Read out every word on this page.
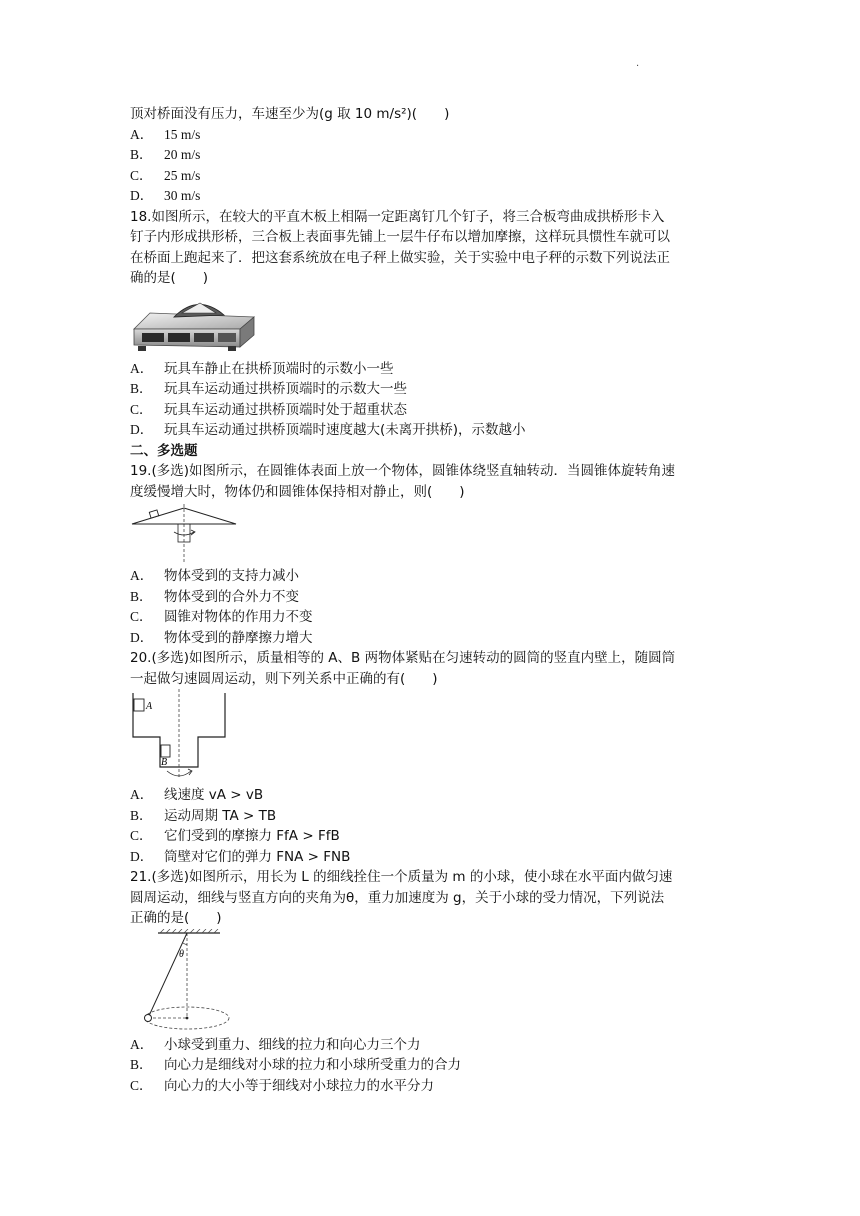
.
顶对桥面没有压力，车速至少为(g 取 10 m/s²)(　　)
A． 15 m/s
B． 20 m/s
C． 25 m/s
D． 30 m/s
18.如图所示，在较大的平直木板上相隔一定距离钉几个钉子，将三合板弯曲成拱桥形卡入
钉子内形成拱形桥，三合板上表面事先铺上一层牛仔布以增加摩擦，这样玩具惯性车就可以
在桥面上跑起来了．把这套系统放在电子秤上做实验，关于实验中电子秤的示数下列说法正
确的是(　　)
A． 玩具车静止在拱桥顶端时的示数小一些
B． 玩具车运动通过拱桥顶端时的示数大一些
C． 玩具车运动通过拱桥顶端时处于超重状态
D． 玩具车运动通过拱桥顶端时速度越大(未离开拱桥)，示数越小
二、多选题
19.(多选)如图所示，在圆锥体表面上放一个物体，圆锥体绕竖直轴转动．当圆锥体旋转角速
度缓慢增大时，物体仍和圆锥体保持相对静止，则(　　)
A． 物体受到的支持力减小
B． 物体受到的合外力不变
C． 圆锥对物体的作用力不变
D． 物体受到的静摩擦力增大
20.(多选)如图所示，质量相等的 A、B 两物体紧贴在匀速转动的圆筒的竖直内壁上，随圆筒
一起做匀速圆周运动，则下列关系中正确的有(　　)
A
B
A． 线速度 vA > vB
B． 运动周期 TA > TB
C． 它们受到的摩擦力 FfA > FfB
D． 筒壁对它们的弹力 FNA > FNB
21.(多选)如图所示，用长为 L 的细线拴住一个质量为 m 的小球，使小球在水平面内做匀速
圆周运动，细线与竖直方向的夹角为θ，重力加速度为 g，关于小球的受力情况，下列说法
正确的是(　　)
θ
A． 小球受到重力、细线的拉力和向心力三个力
B． 向心力是细线对小球的拉力和小球所受重力的合力
C． 向心力的大小等于细线对小球拉力的水平分力
